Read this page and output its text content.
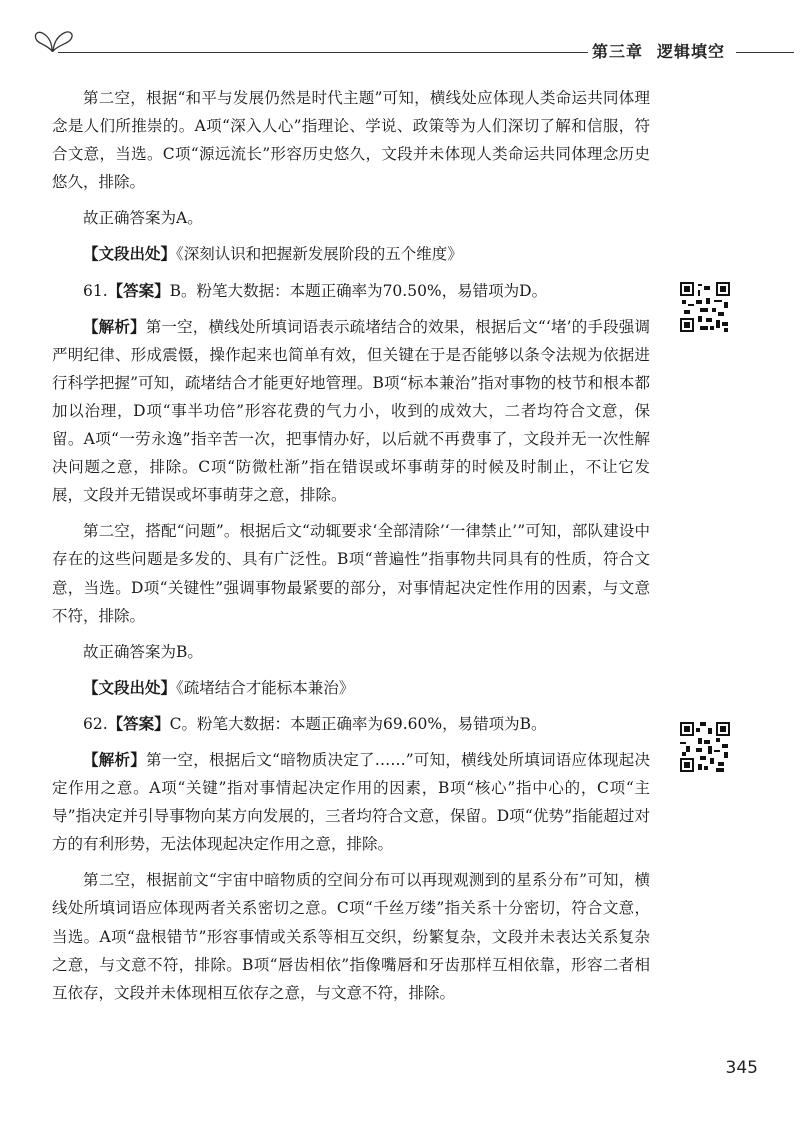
第三章 逻辑填空

第二空，根据“和平与发展仍然是时代主题”可知，横线处应体现人类命运共同体理念是人们所推崇的。A项“深入人心”指理论、学说、政策等为人们深切了解和信服，符合文意，当选。C项“源远流长”形容历史悠久，文段并未体现人类命运共同体理念历史悠久，排除。

故正确答案为A。

【文段出处】《深刻认识和把握新发展阶段的五个维度》

61.【答案】B。粉笔大数据：本题正确率为70.50%，易错项为D。

【解析】第一空，横线处所填词语表示疏堵结合的效果，根据后文“‘堵’的手段强调严明纪律、形成震慑，操作起来也简单有效，但关键在于是否能够以条令法规为依据进行科学把握”可知，疏堵结合才能更好地管理。B项“标本兼治”指对事物的枝节和根本都加以治理，D项“事半功倍”形容花费的气力小，收到的成效大，二者均符合文意，保留。A项“一劳永逸”指辛苦一次，把事情办好，以后就不再费事了，文段并无一次性解决问题之意，排除。C项“防微杜渐”指在错误或坏事萌芽的时候及时制止，不让它发展，文段并无错误或坏事萌芽之意，排除。

第二空，搭配“问题”。根据后文“动辄要求‘全部清除’‘一律禁止’”可知，部队建设中存在的这些问题是多发的、具有广泛性。B项“普遍性”指事物共同具有的性质，符合文意，当选。D项“关键性”强调事物最紧要的部分，对事情起决定性作用的因素，与文意不符，排除。

故正确答案为B。

【文段出处】《疏堵结合才能标本兼治》

62.【答案】C。粉笔大数据：本题正确率为69.60%，易错项为B。

【解析】第一空，根据后文“暗物质决定了……”可知，横线处所填词语应体现起决定作用之意。A项“关键”指对事情起决定作用的因素，B项“核心”指中心的，C项“主导”指决定并引导事物向某方向发展的，三者均符合文意，保留。D项“优势”指能超过对方的有利形势，无法体现起决定作用之意，排除。

第二空，根据前文“宇宙中暗物质的空间分布可以再现观测到的星系分布”可知，横线处所填词语应体现两者关系密切之意。C项“千丝万缕”指关系十分密切，符合文意，当选。A项“盘根错节”形容事情或关系等相互交织，纷繁复杂，文段并未表达关系复杂之意，与文意不符，排除。B项“唇齿相依”指像嘴唇和牙齿那样互相依靠，形容二者相互依存，文段并未体现相互依存之意，与文意不符，排除。

345
